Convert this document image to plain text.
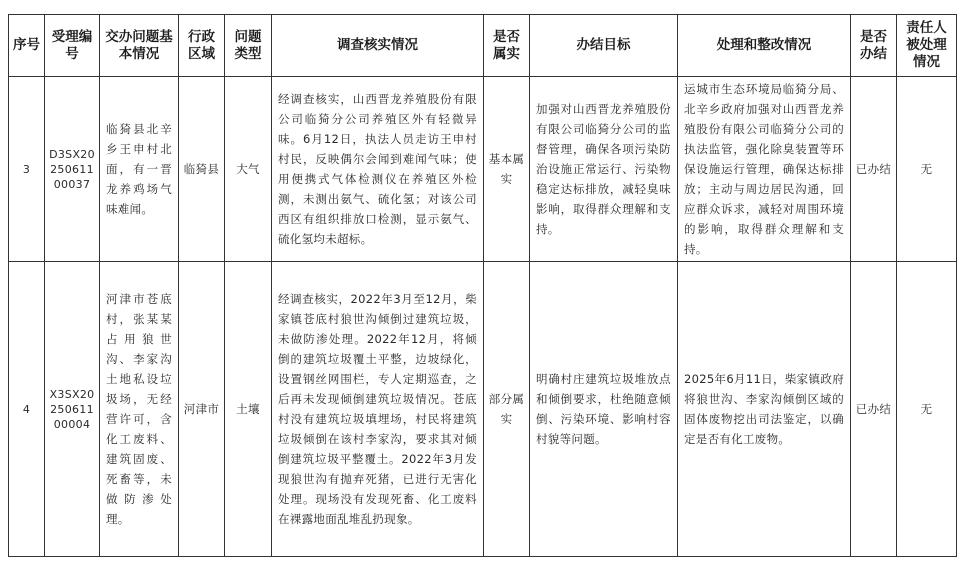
序号	受理编号	交办问题基本情况	行政区域	问题类型	调查核实情况	是否属实	办结目标	处理和整改情况	是否办结	责任人被处理情况
3	D3SX2025061100037	临猗县北辛乡王申村北面，有一晋龙养鸡场气味难闻。	临猗县	大气	经调查核实，山西晋龙养殖股份有限公司临猗分公司养殖区外有轻微异味。6月12日，执法人员走访王申村村民，反映偶尔会闻到难闻气味；使用便携式气体检测仪在养殖区外检测，未测出氨气、硫化氢；对该公司西区有组织排放口检测，显示氨气、硫化氢均未超标。	基本属实	加强对山西晋龙养殖股份有限公司临猗分公司的监督管理，确保各项污染防治设施正常运行、污染物稳定达标排放，减轻臭味影响，取得群众理解和支持。	运城市生态环境局临猗分局、北辛乡政府加强对山西晋龙养殖股份有限公司临猗分公司的执法监管，强化除臭装置等环保设施运行管理，确保达标排放；主动与周边居民沟通，回应群众诉求，减轻对周围环境的影响，取得群众理解和支持。	已办结	无
4	X3SX2025061100004	河津市苍底村，张某某占用狼世沟、李家沟土地私设垃圾场，无经营许可，含化工废料、建筑固废、死畜等，未做防渗处理。	河津市	土壤	经调查核实，2022年3月至12月，柴家镇苍底村狼世沟倾倒过建筑垃圾，未做防渗处理。2022年12月，将倾倒的建筑垃圾覆土平整，边坡绿化，设置钢丝网围栏，专人定期巡查，之后再未发现倾倒建筑垃圾情况。苍底村没有建筑垃圾填埋场，村民将建筑垃圾倾倒在该村李家沟，要求其对倾倒建筑垃圾平整覆土。2022年3月发现狼世沟有抛弃死猪，已进行无害化处理。现场没有发现死畜、化工废料在裸露地面乱堆乱扔现象。	部分属实	明确村庄建筑垃圾堆放点和倾倒要求，杜绝随意倾倒、污染环境、影响村容村貌等问题。	2025年6月11日，柴家镇政府将狼世沟、李家沟倾倒区域的固体废物挖出司法鉴定，以确定是否有化工废物。	已办结	无
